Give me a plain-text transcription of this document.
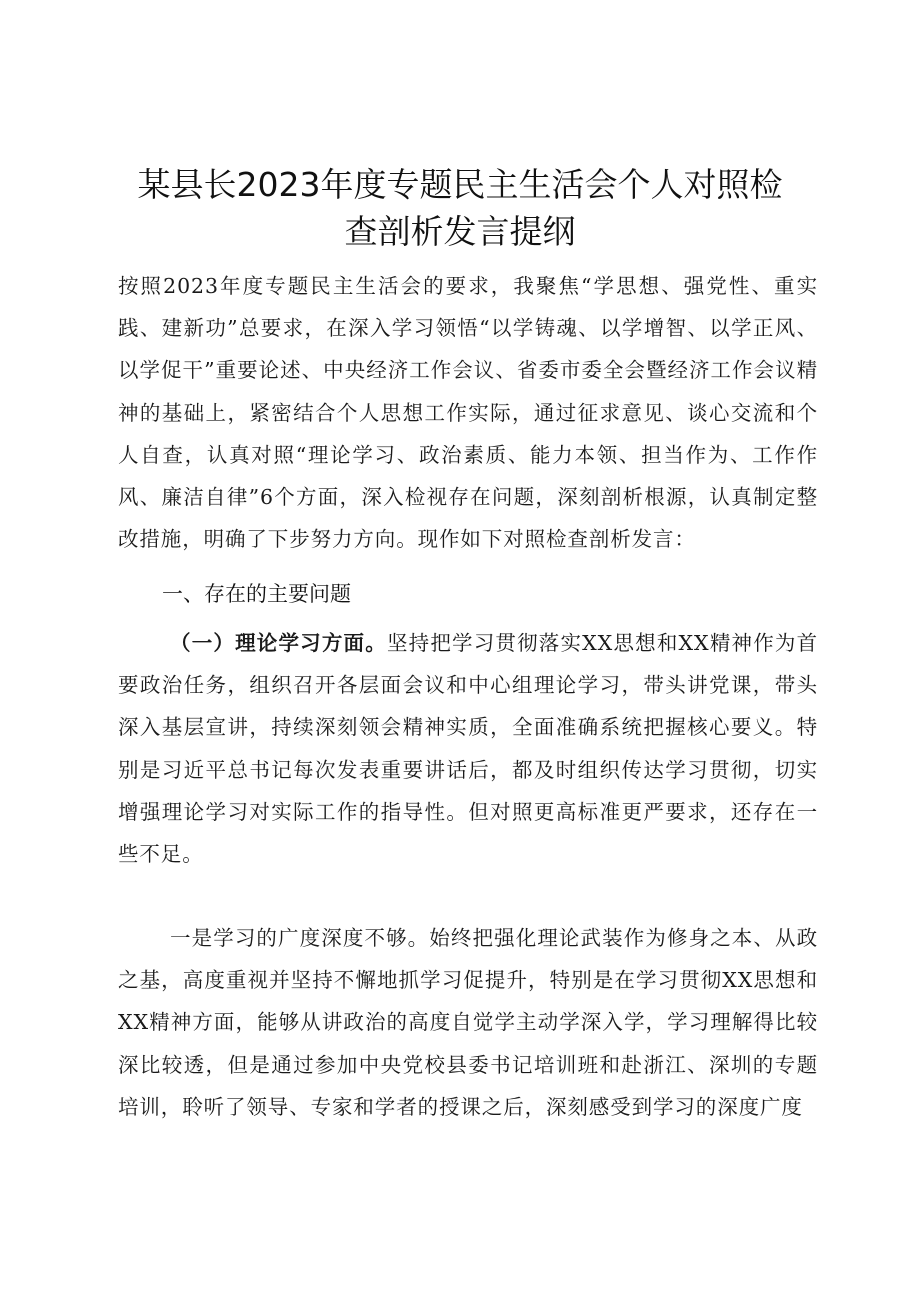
某县长2023年度专题民主生活会个人对照检
查剖析发言提纲
按照2023年度专题民主生活会的要求，我聚焦“学思想、强党性、重实践、建新功”总要求，在深入学习领悟“以学铸魂、以学增智、以学正风、以学促干”重要论述、中央经济工作会议、省委市委全会暨经济工作会议精神的基础上，紧密结合个人思想工作实际，通过征求意见、谈心交流和个人自查，认真对照“理论学习、政治素质、能力本领、担当作为、工作作风、廉洁自律”6个方面，深入检视存在问题，深刻剖析根源，认真制定整改措施，明确了下步努力方向。现作如下对照检查剖析发言：
一、存在的主要问题
（一）理论学习方面。坚持把学习贯彻落实XX思想和XX精神作为首要政治任务，组织召开各层面会议和中心组理论学习，带头讲党课，带头深入基层宣讲，持续深刻领会精神实质，全面准确系统把握核心要义。特别是习近平总书记每次发表重要讲话后，都及时组织传达学习贯彻，切实增强理论学习对实际工作的指导性。但对照更高标准更严要求，还存在一些不足。
一是学习的广度深度不够。始终把强化理论武装作为修身之本、从政之基，高度重视并坚持不懈地抓学习促提升，特别是在学习贯彻XX思想和XX精神方面，能够从讲政治的高度自觉学主动学深入学，学习理解得比较深比较透，但是通过参加中央党校县委书记培训班和赴浙江、深圳的专题培训，聆听了领导、专家和学者的授课之后，深刻感受到学习的深度广度
